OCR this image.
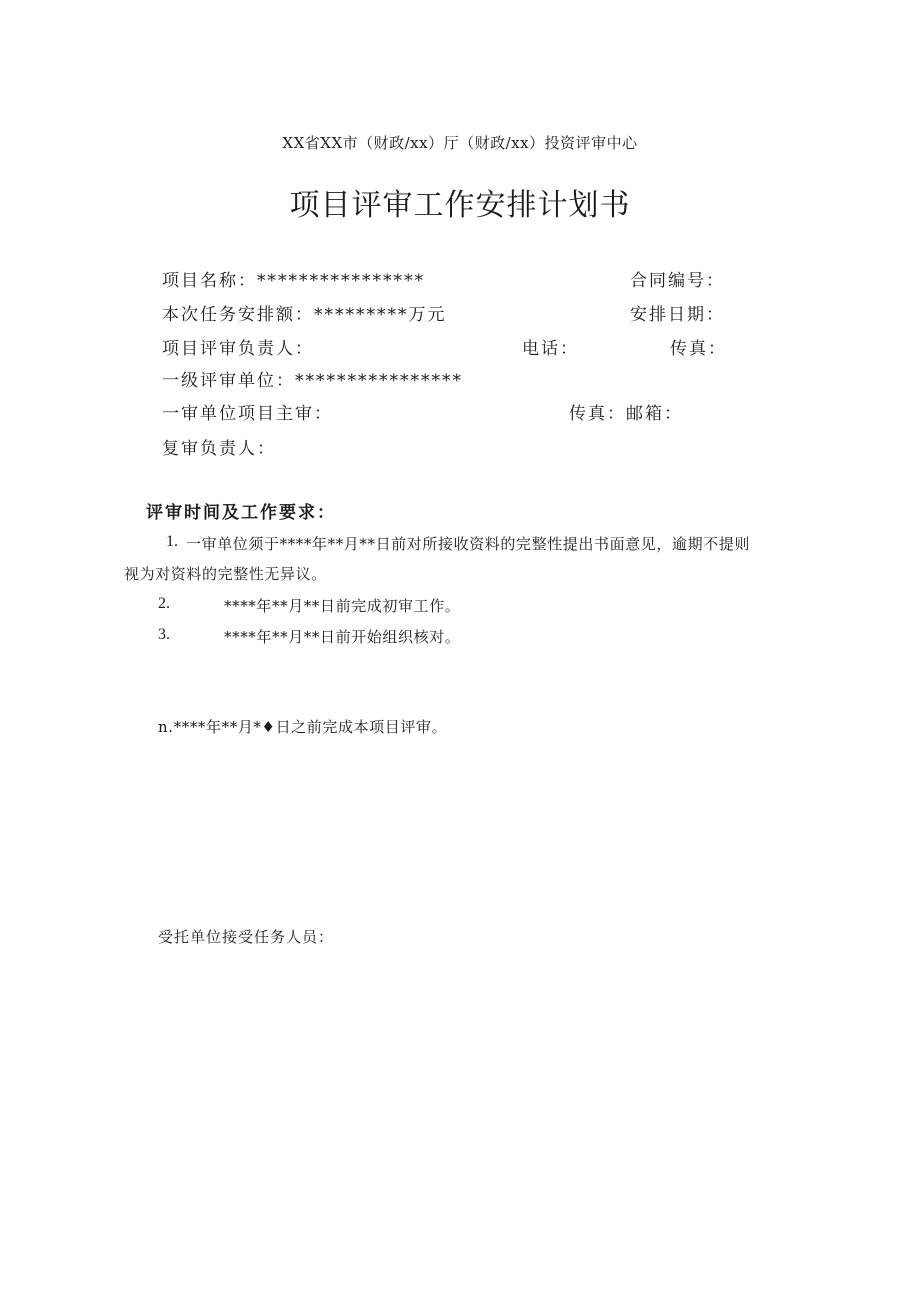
XX省XX市（财政/xx）厅（财政/xx）投资评审中心
项目评审工作安排计划书
项目名称：****************	合同编号：
本次任务安排额：*********万元	安排日期：
项目评审负责人：	电话：	传真：
一级评审单位：****************
一审单位项目主审：	传真：邮箱：
复审负责人：
评审时间及工作要求：
1. 一审单位须于****年**月**日前对所接收资料的完整性提出书面意见，逾期不提则
视为对资料的完整性无异议。
2.	****年**月**日前完成初审工作。
3.	****年**月**日前开始组织核对。
n.****年**月*♦日之前完成本项目评审。
受托单位接受任务人员：
